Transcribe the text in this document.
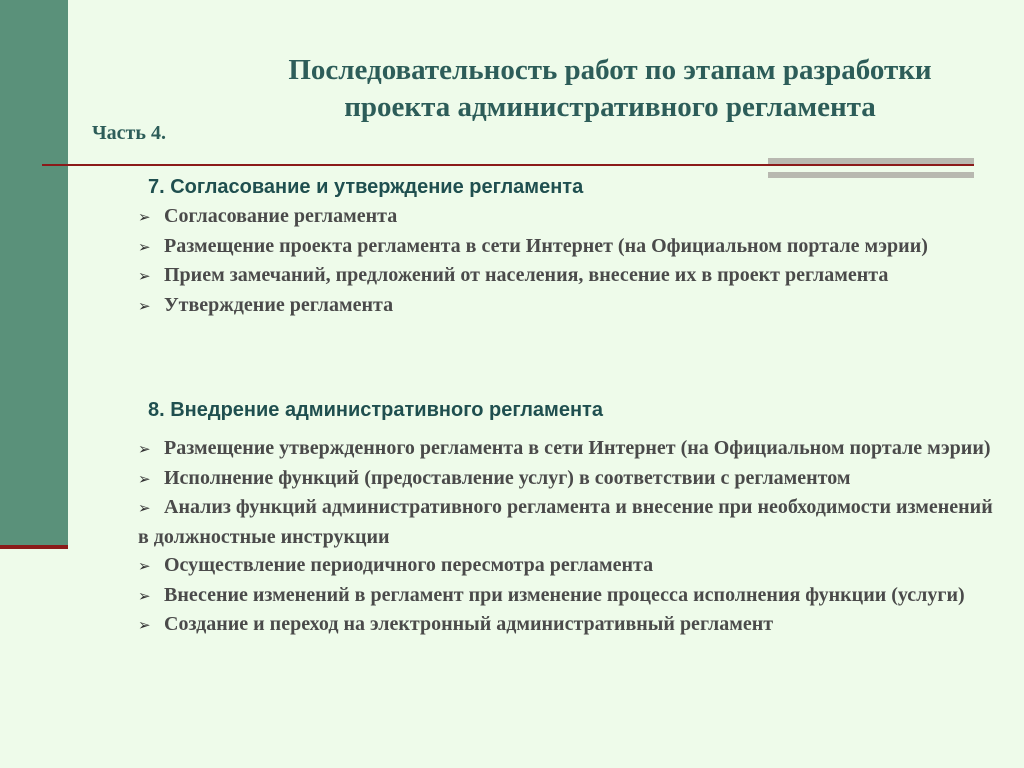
Последовательность работ по этапам разработки
проекта административного регламента
Часть 4.
7. Согласование и утверждение регламента
➢ Согласование регламента
➢ Размещение проекта регламента в сети Интернет (на Официальном портале мэрии)
➢ Прием замечаний, предложений от населения, внесение их в проект регламента
➢ Утверждение регламента
8. Внедрение административного регламента
➢ Размещение утвержденного регламента в сети Интернет (на Официальном портале мэрии)
➢ Исполнение функций (предоставление услуг) в соответствии с регламентом
➢ Анализ функций административного регламента и внесение при необходимости изменений в должностные инструкции
➢ Осуществление периодичного пересмотра регламента
➢ Внесение изменений в регламент при изменение процесса исполнения функции (услуги)
➢ Создание и переход на электронный административный регламент
